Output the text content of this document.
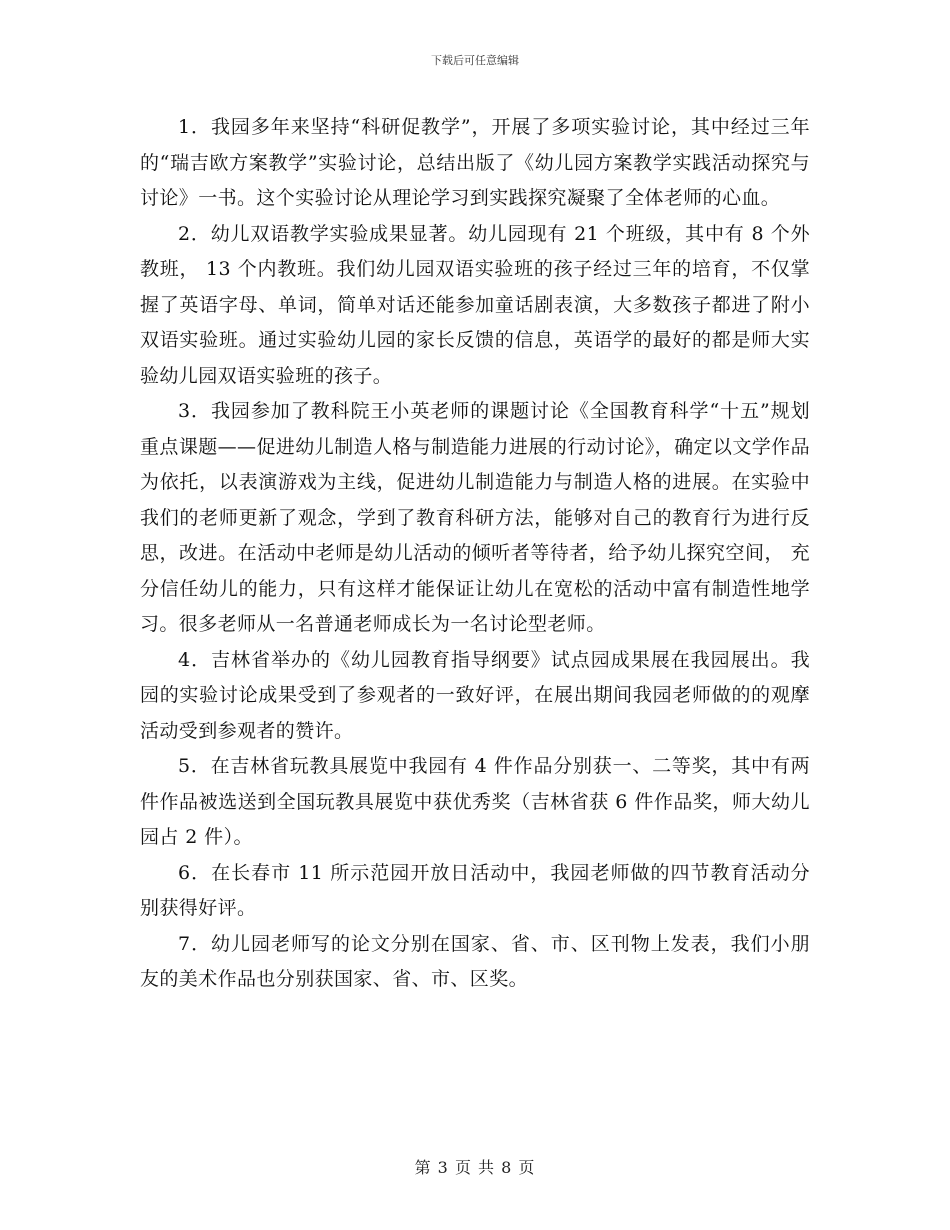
下载后可任意编辑

1．我园多年来坚持“科研促教学”，开展了多项实验讨论，其中经过三年的“瑞吉欧方案教学”实验讨论，总结出版了《幼儿园方案教学实践活动探究与讨论》一书。这个实验讨论从理论学习到实践探究凝聚了全体老师的心血。

2．幼儿双语教学实验成果显著。幼儿园现有 21 个班级，其中有 8 个外教班， 13 个内教班。我们幼儿园双语实验班的孩子经过三年的培育，不仅掌握了英语字母、单词，简单对话还能参加童话剧表演，大多数孩子都进了附小双语实验班。通过实验幼儿园的家长反馈的信息，英语学的最好的都是师大实验幼儿园双语实验班的孩子。

3．我园参加了教科院王小英老师的课题讨论《全国教育科学“十五”规划重点课题——促进幼儿制造人格与制造能力进展的行动讨论》，确定以文学作品为依托，以表演游戏为主线，促进幼儿制造能力与制造人格的进展。在实验中我们的老师更新了观念，学到了教育科研方法，能够对自己的教育行为进行反思，改进。在活动中老师是幼儿活动的倾听者等待者，给予幼儿探究空间， 充分信任幼儿的能力，只有这样才能保证让幼儿在宽松的活动中富有制造性地学习。很多老师从一名普通老师成长为一名讨论型老师。

4．吉林省举办的《幼儿园教育指导纲要》试点园成果展在我园展出。我园的实验讨论成果受到了参观者的一致好评，在展出期间我园老师做的的观摩活动受到参观者的赞许。

5．在吉林省玩教具展览中我园有 4 件作品分别获一、二等奖，其中有两件作品被选送到全国玩教具展览中获优秀奖（吉林省获 6 件作品奖，师大幼儿园占 2 件）。

6．在长春市 11 所示范园开放日活动中，我园老师做的四节教育活动分别获得好评。

7．幼儿园老师写的论文分别在国家、省、市、区刊物上发表，我们小朋友的美术作品也分别获国家、省、市、区奖。

第 3 页 共 8 页
